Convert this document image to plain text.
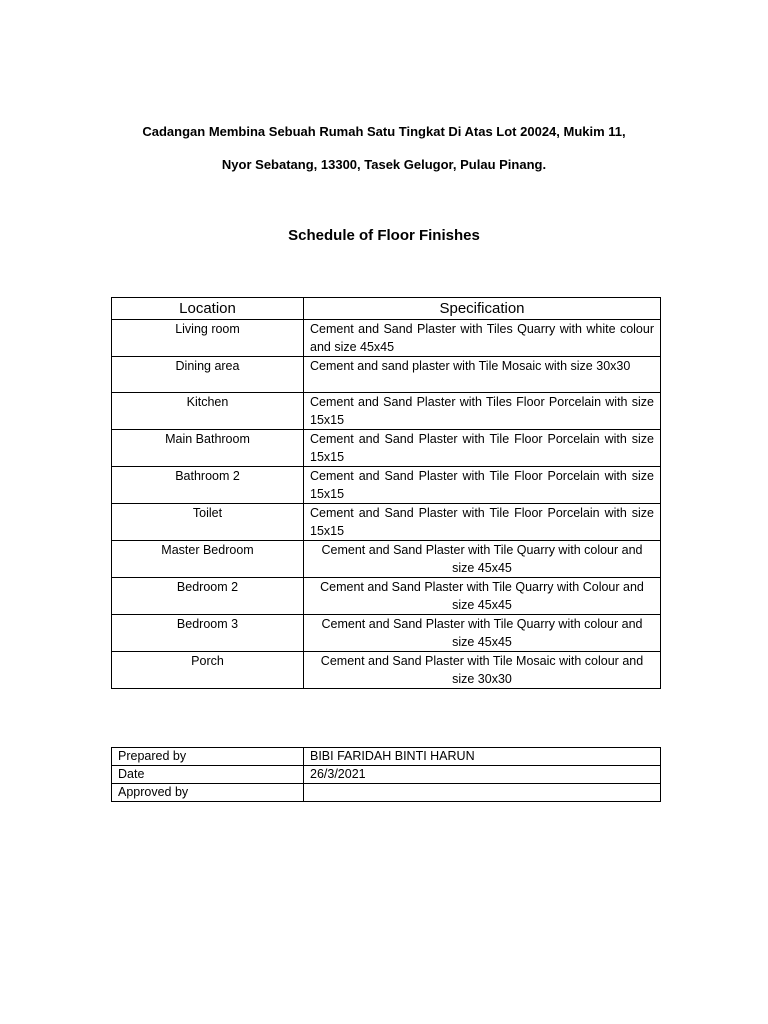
Cadangan Membina Sebuah Rumah Satu Tingkat Di Atas Lot 20024, Mukim 11,

Nyor Sebatang, 13300, Tasek Gelugor, Pulau Pinang.

Schedule of Floor Finishes

Location	Specification
Living room	Cement and Sand Plaster with Tiles Quarry with white colour and size 45x45
Dining area	Cement and sand plaster with Tile Mosaic with size 30x30
Kitchen	Cement and Sand Plaster with Tiles Floor Porcelain with size 15x15
Main Bathroom	Cement and Sand Plaster with Tile Floor Porcelain with size 15x15
Bathroom 2	Cement and Sand Plaster with Tile Floor Porcelain with size 15x15
Toilet	Cement and Sand Plaster with Tile Floor Porcelain with size 15x15
Master Bedroom	Cement and Sand Plaster with Tile Quarry with colour and size 45x45
Bedroom 2	Cement and Sand Plaster with Tile Quarry with Colour and size 45x45
Bedroom 3	Cement and Sand Plaster with Tile Quarry with colour and size 45x45
Porch	Cement and Sand Plaster with Tile Mosaic with colour and size 30x30
Prepared by	BIBI FARIDAH BINTI HARUN
Date	26/3/2021
Approved by	
